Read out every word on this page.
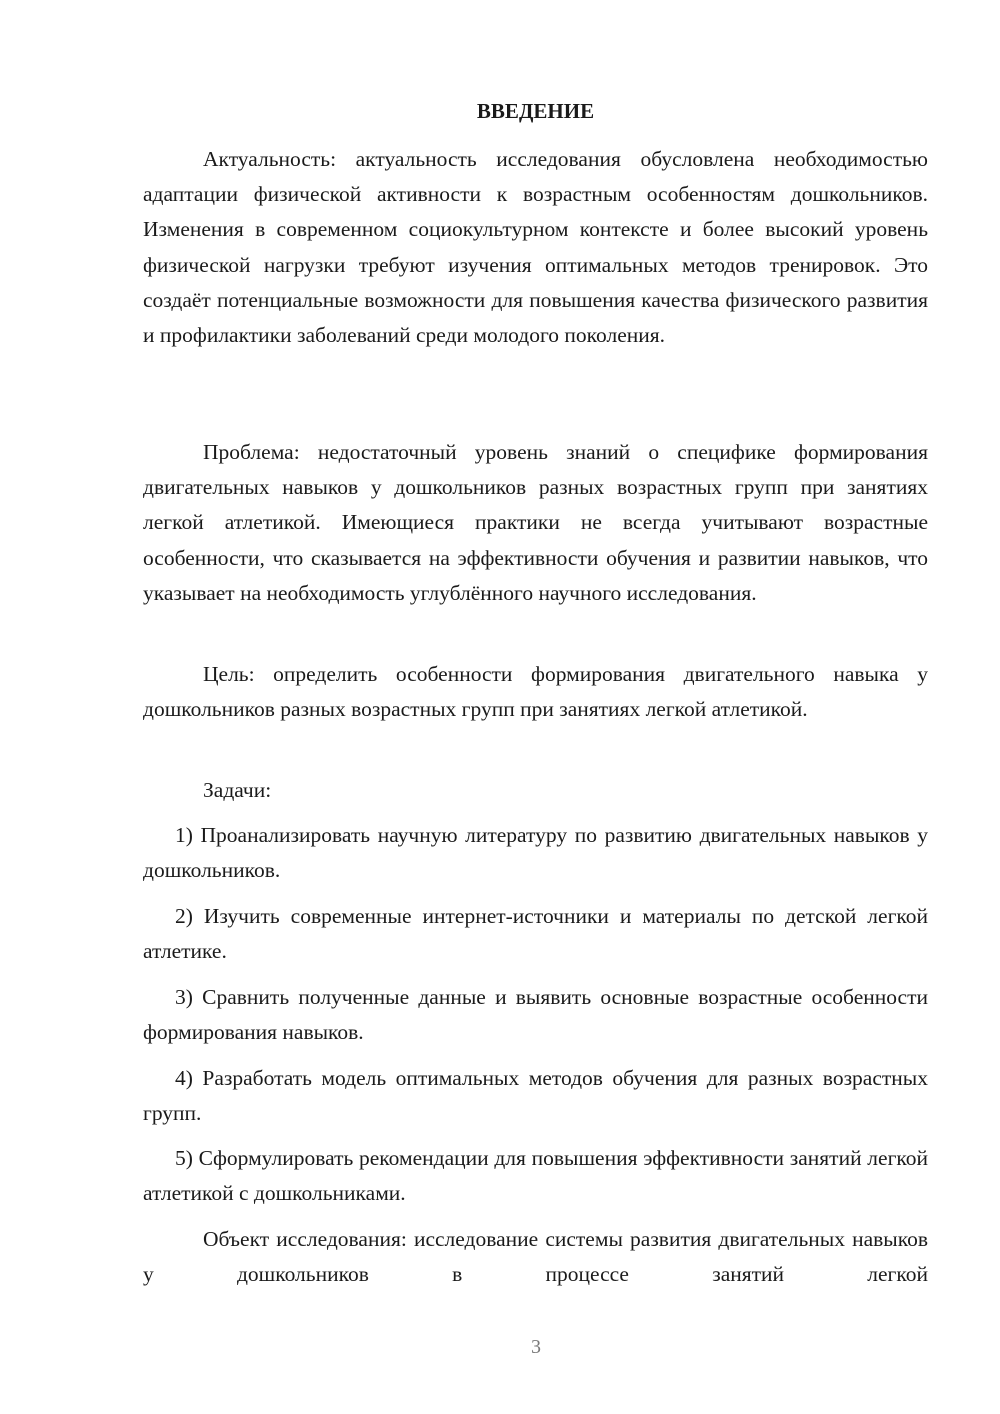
ВВЕДЕНИЕ

Актуальность: актуальность исследования обусловлена необходимостью адаптации физической активности к возрастным особенностям дошкольников. Изменения в современном социокультурном контексте и более высокий уровень физической нагрузки требуют изучения оптимальных методов тренировок. Это создаёт потенциальные возможности для повышения качества физического развития и профилактики заболеваний среди молодого поколения.

Проблема: недостаточный уровень знаний о специфике формирования двигательных навыков у дошкольников разных возрастных групп при занятиях легкой атлетикой. Имеющиеся практики не всегда учитывают возрастные особенности, что сказывается на эффективности обучения и развитии навыков, что указывает на необходимость углублённого научного исследования.

Цель: определить особенности формирования двигательного навыка у дошкольников разных возрастных групп при занятиях легкой атлетикой.

Задачи:

1) Проанализировать научную литературу по развитию двигательных навыков у дошкольников.

2) Изучить современные интернет-источники и материалы по детской легкой атлетике.

3) Сравнить полученные данные и выявить основные возрастные особенности формирования навыков.

4) Разработать модель оптимальных методов обучения для разных возрастных групп.

5) Сформулировать рекомендации для повышения эффективности занятий легкой атлетикой с дошкольниками.

Объект исследования: исследование системы развития двигательных навыков у дошкольников в процессе занятий легкой

3
